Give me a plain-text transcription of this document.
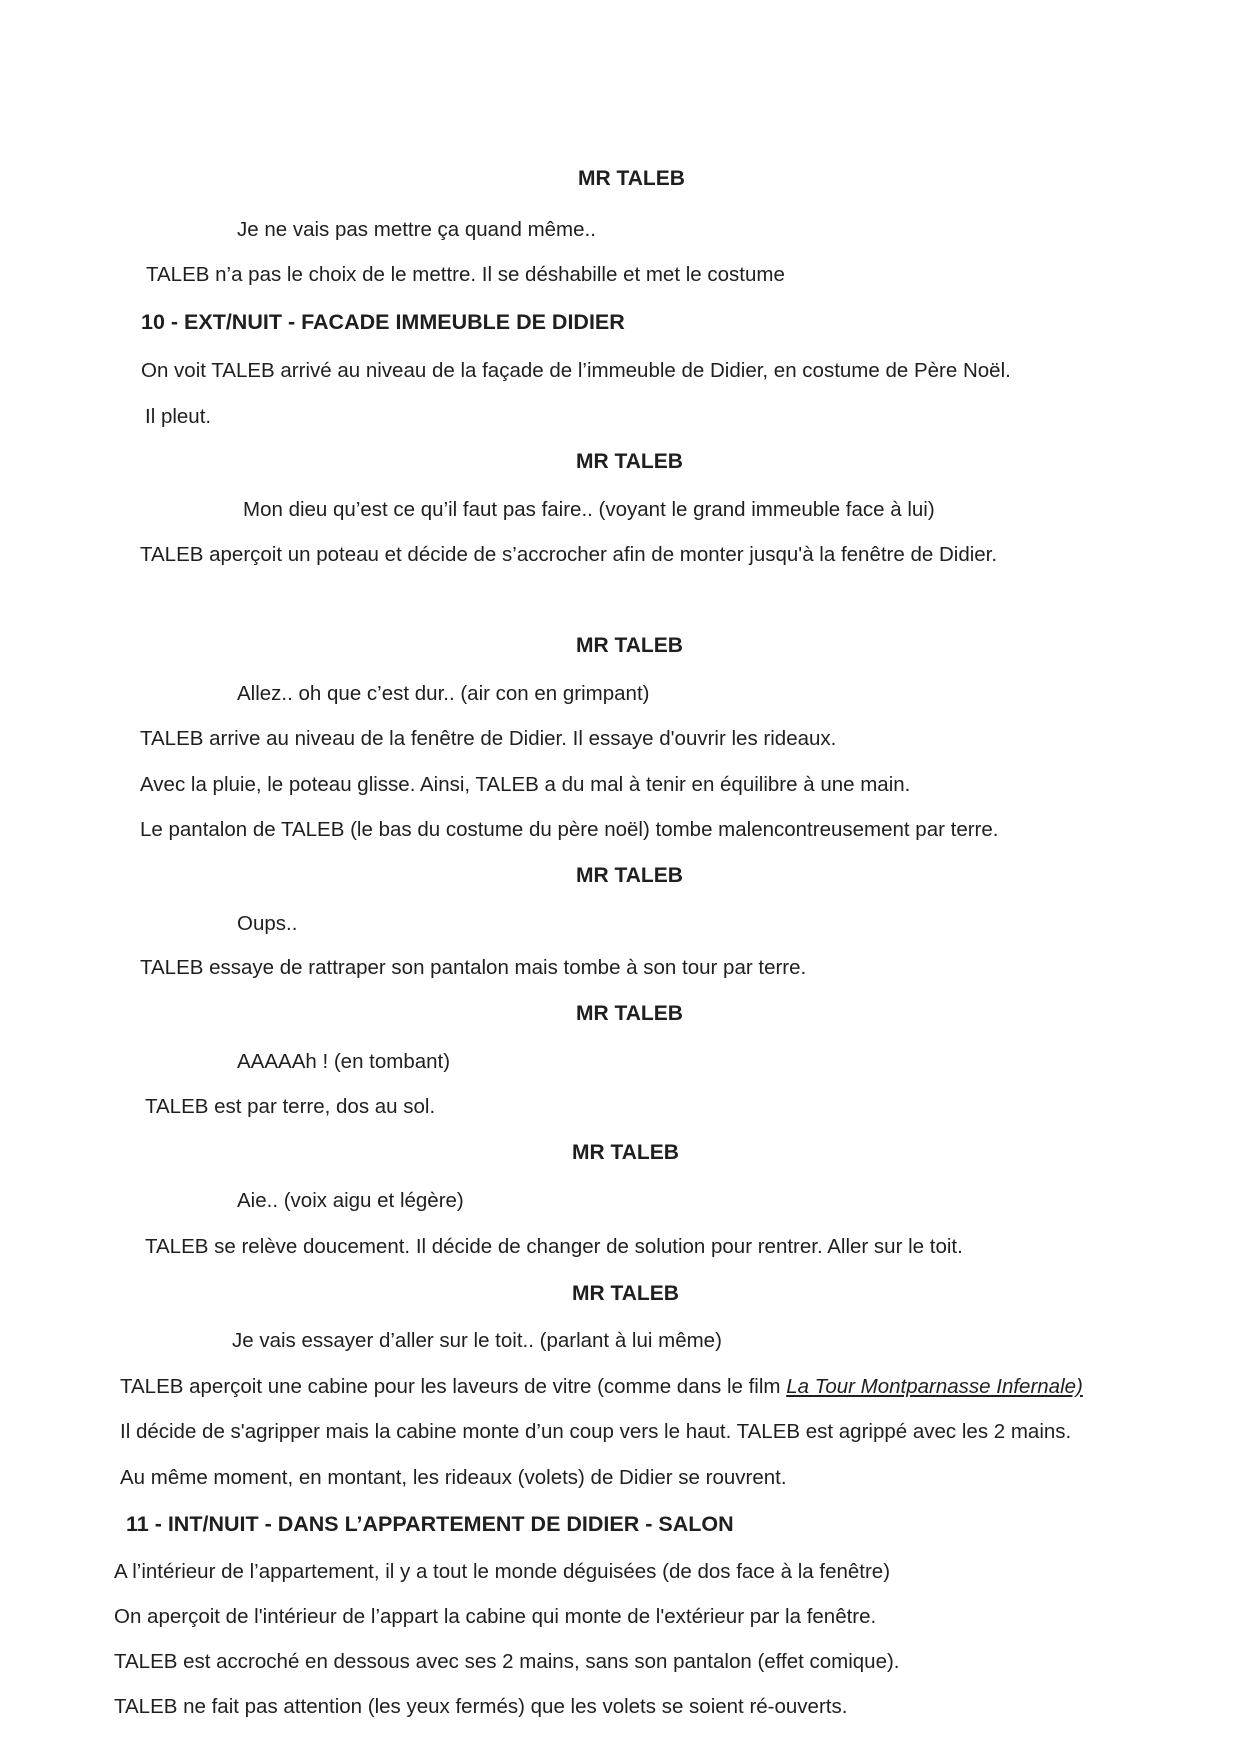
MR TALEB
Je ne vais pas mettre ça quand même..
TALEB n’a pas le choix de le mettre. Il se déshabille et met le costume
10 - EXT/NUIT - FACADE IMMEUBLE DE DIDIER
On voit TALEB arrivé au niveau de la façade de l’immeuble de Didier, en costume de Père Noël.
Il pleut.
MR TALEB
Mon dieu qu’est ce qu’il faut pas faire.. (voyant le grand immeuble face à lui)
TALEB aperçoit un poteau et décide de s’accrocher afin de monter jusqu'à la fenêtre de Didier.
MR TALEB
Allez.. oh que c’est dur.. (air con en grimpant)
TALEB arrive au niveau de la fenêtre de Didier. Il essaye d'ouvrir les rideaux.
Avec la pluie, le poteau glisse. Ainsi, TALEB a du mal à tenir en équilibre à une main.
Le pantalon de TALEB (le bas du costume du père noël) tombe malencontreusement par terre.
MR TALEB
Oups..
TALEB essaye de rattraper son pantalon mais tombe à son tour par terre.
MR TALEB
AAAAAh ! (en tombant)
TALEB est par terre, dos au sol.
MR TALEB
Aie.. (voix aigu et légère)
TALEB se relève doucement. Il décide de changer de solution pour rentrer. Aller sur le toit.
MR TALEB
Je vais essayer d’aller sur le toit.. (parlant à lui même)
TALEB aperçoit une cabine pour les laveurs de vitre (comme dans le film La Tour Montparnasse Infernale)
Il décide de s'agripper mais la cabine monte d’un coup vers le haut. TALEB est agrippé avec les 2 mains.
Au même moment, en montant, les rideaux (volets) de Didier se rouvrent.
11 - INT/NUIT - DANS L’APPARTEMENT DE DIDIER - SALON
A l’intérieur de l’appartement, il y a tout le monde déguisées (de dos face à la fenêtre)
On aperçoit de l'intérieur de l’appart la cabine qui monte de l'extérieur par la fenêtre.
TALEB est accroché en dessous avec ses 2 mains, sans son pantalon (effet comique).
TALEB ne fait pas attention (les yeux fermés) que les volets se soient ré-ouverts.
